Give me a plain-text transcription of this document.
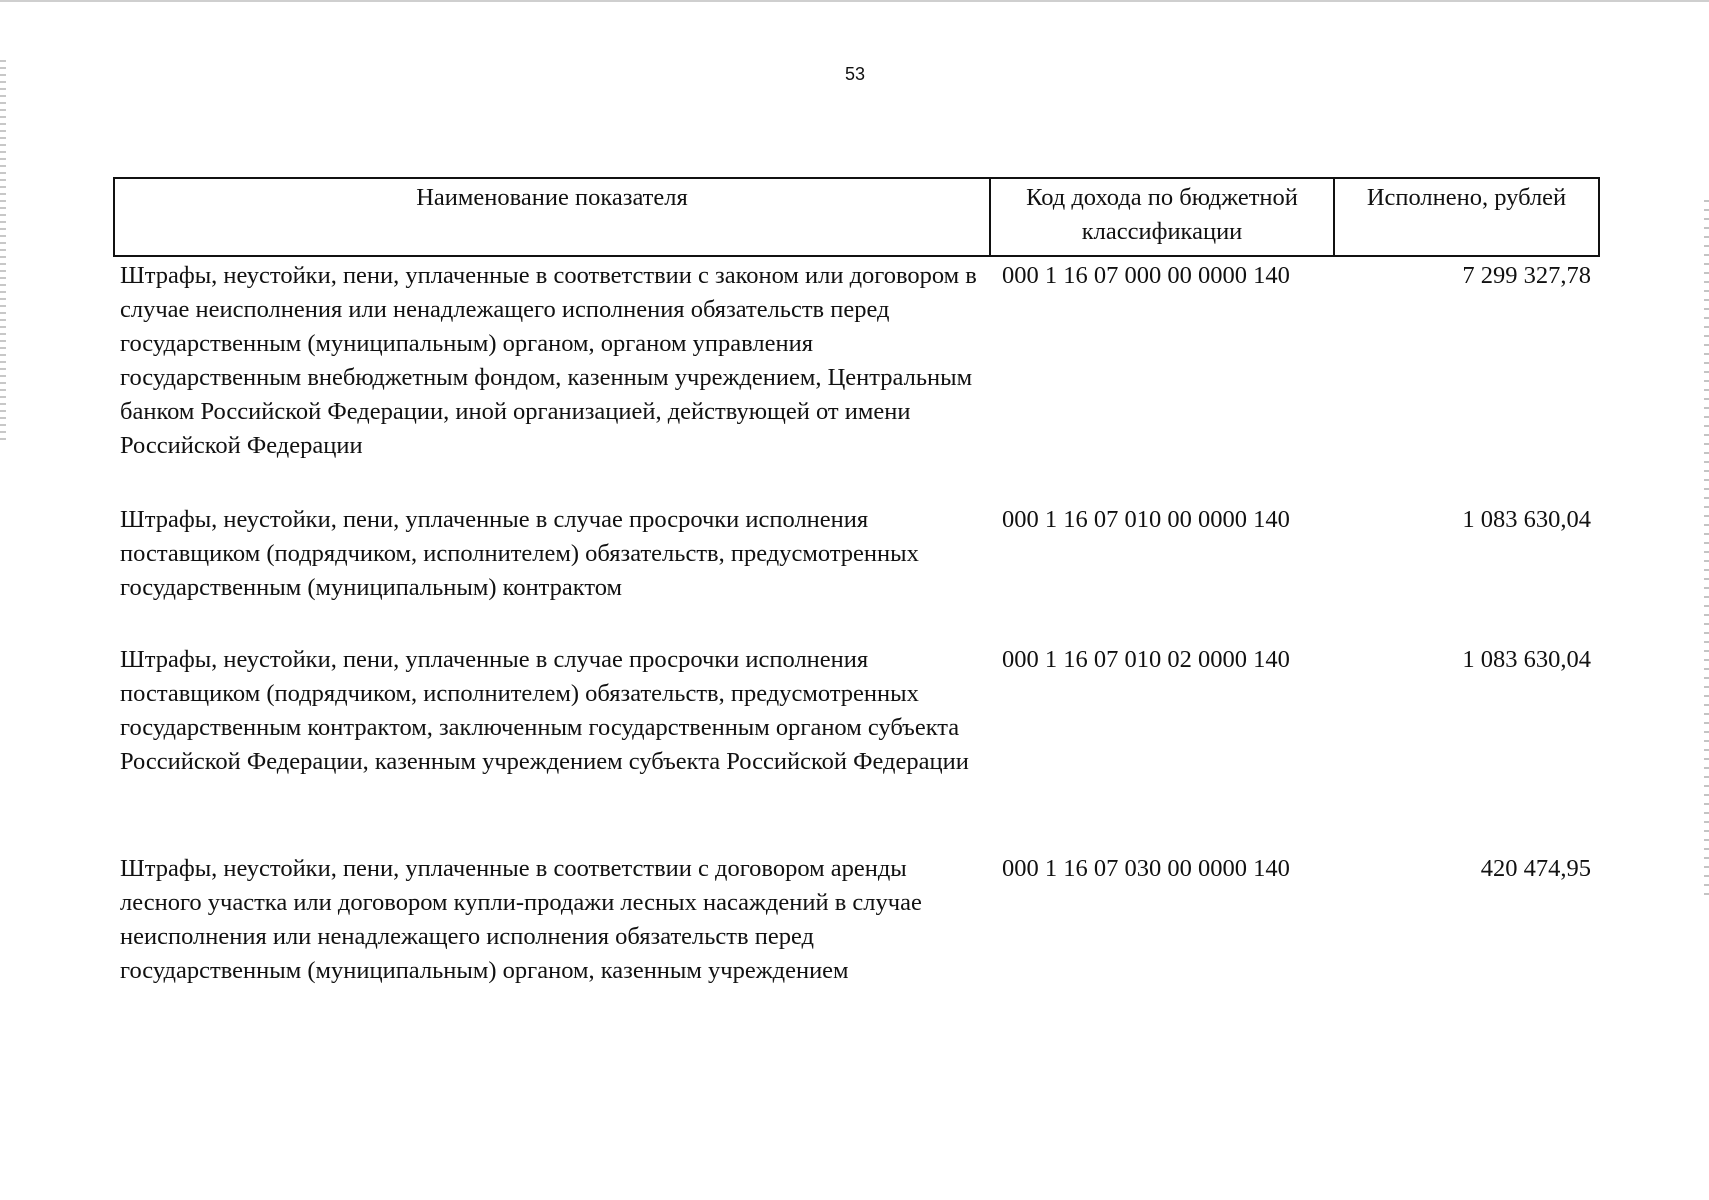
53
Наименование показателя	Код дохода по бюджетной классификации	Исполнено, рублей
Штрафы, неустойки, пени, уплаченные в соответствии с законом или договором в случае неисполнения или ненадлежащего исполнения обязательств перед государственным (муниципальным) органом, органом управления государственным внебюджетным фондом, казенным учреждением, Центральным банком Российской Федерации, иной организацией, действующей от имени Российской Федерации	000 1 16 07 000 00 0000 140	7 299 327,78
Штрафы, неустойки, пени, уплаченные в случае просрочки исполнения поставщиком (подрядчиком, исполнителем) обязательств, предусмотренных государственным (муниципальным) контрактом	000 1 16 07 010 00 0000 140	1 083 630,04
Штрафы, неустойки, пени, уплаченные в случае просрочки исполнения поставщиком (подрядчиком, исполнителем) обязательств, предусмотренных государственным контрактом, заключенным государственным органом субъекта Российской Федерации, казенным учреждением субъекта Российской Федерации	000 1 16 07 010 02 0000 140	1 083 630,04
Штрафы, неустойки, пени, уплаченные в соответствии с договором аренды лесного участка или договором купли-продажи лесных насаждений в случае неисполнения или ненадлежащего исполнения обязательств перед государственным (муниципальным) органом, казенным учреждением	000 1 16 07 030 00 0000 140	420 474,95
